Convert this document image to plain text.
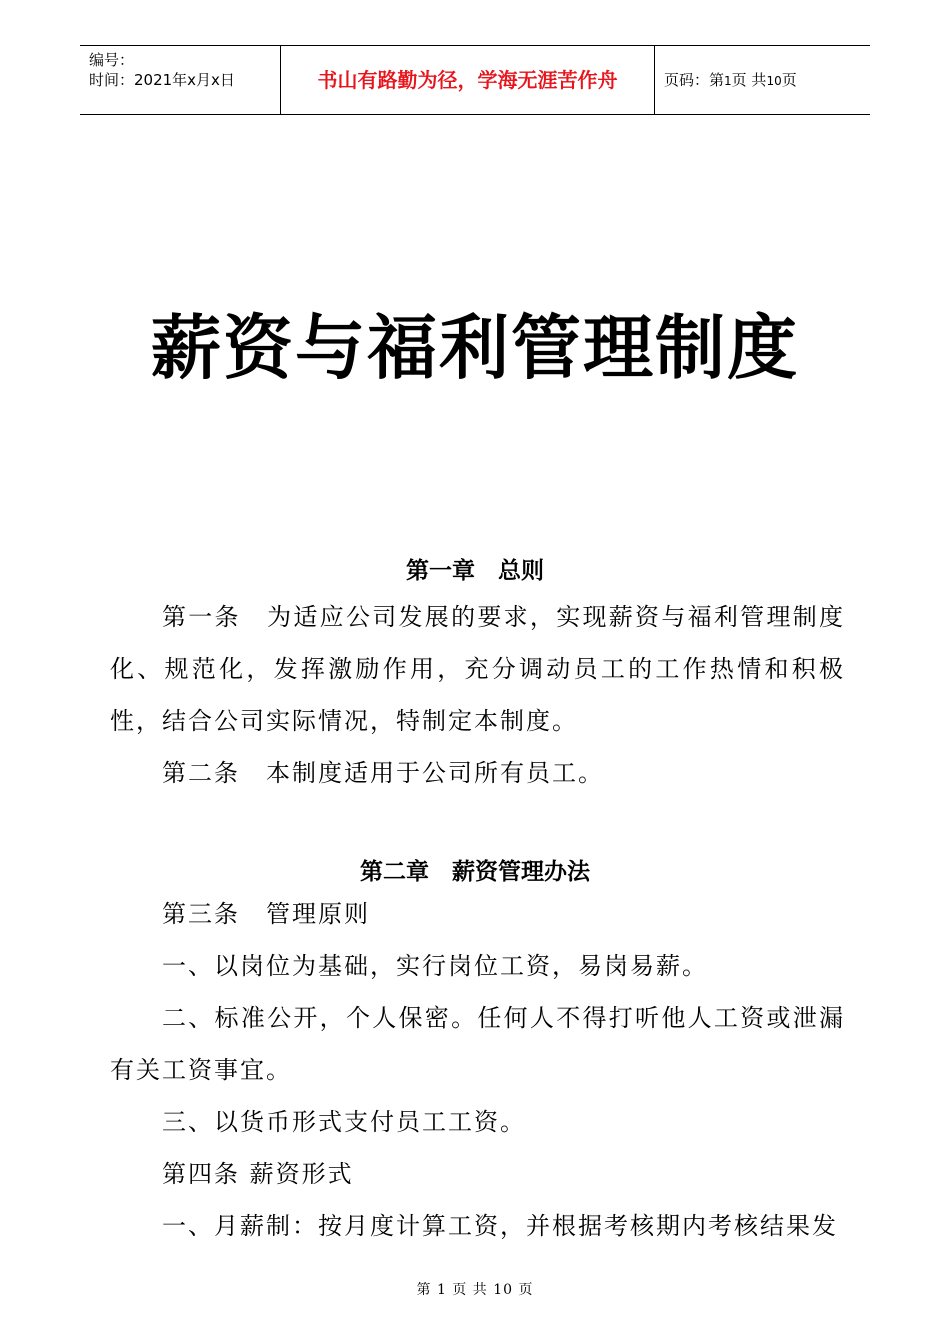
编号：
时间：2021年x月x日	书山有路勤为径，学海无涯苦作舟	页码：第1页 共10页
薪资与福利管理制度
第一章　总则

第一条　为适应公司发展的要求，实现薪资与福利管理制度化、规范化，发挥激励作用，充分调动员工的工作热情和积极性，结合公司实际情况，特制定本制度。

第二条　本制度适用于公司所有员工。

第二章　薪资管理办法

第三条　管理原则

一、以岗位为基础，实行岗位工资，易岗易薪。

二、标准公开，个人保密。任何人不得打听他人工资或泄漏有关工资事宜。

三、以货币形式支付员工工资。

第四条 薪资形式

一、月薪制：按月度计算工资，并根据考核期内考核结果发

第 1 页 共 10 页
